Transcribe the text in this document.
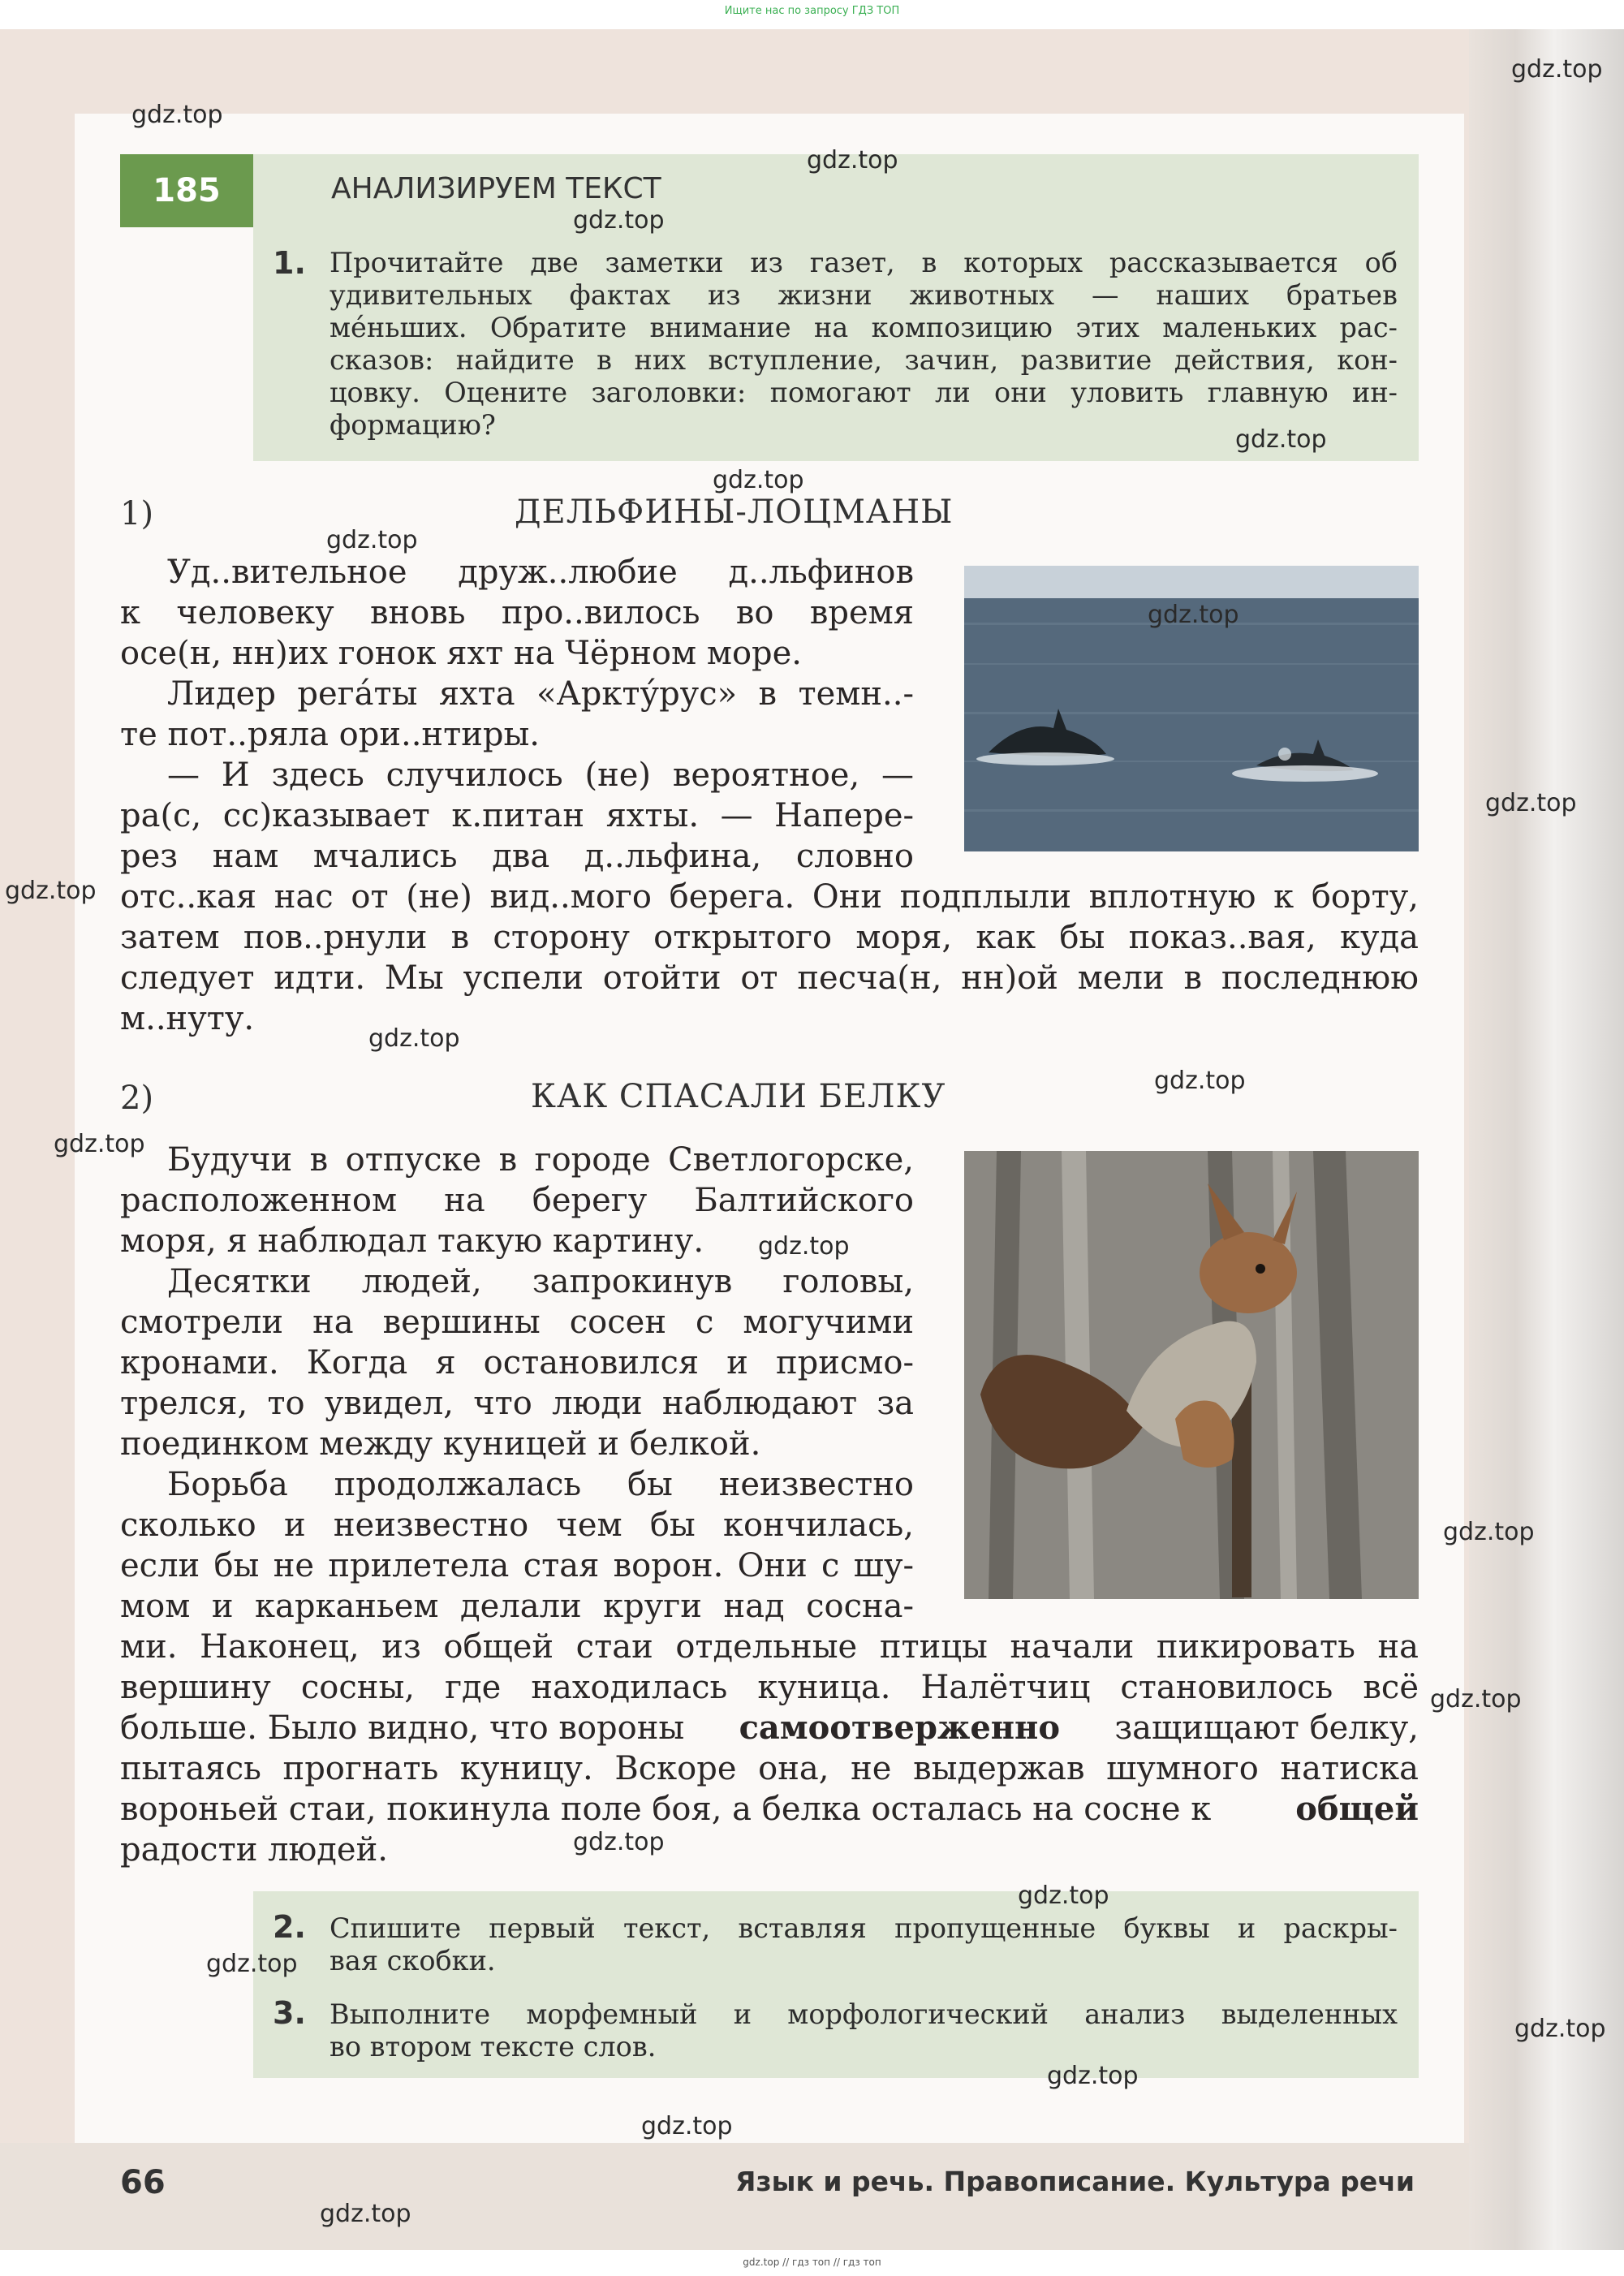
Ищите нас по запросу ГДЗ ТОП
185	АНАЛИЗИРУЕМ ТЕКСТ
1. Прочитайте две заметки из газет, в которых рассказывается об
удивительных фактах из жизни животных — наших братьев
ме́ньших. Обратите внимание на композицию этих маленьких рас-
сказов: найдите в них вступление, зачин, развитие действия, кон-
цовку. Оцените заголовки: помогают ли они уловить главную ин-
формацию?
1)	ДЕЛЬФИНЫ-ЛОЦМАНЫ
Уд..вительное друж..любие д..льфинов
к человеку вновь про..вилось во время
осе(н, нн)их гонок яхт на Чёрном море.
Лидер рега́ты яхта «Аркту́рус» в темн..-
те пот..ряла ори..нтиры.
— И здесь случилось (не) вероятное, —
ра(с, сс)казывает к.питан яхты. — Напере-
рез нам мчались два д..льфина, словно
отс..кая нас от (не) вид..мого берега. Они подплыли вплотную к борту,
затем пов..рнули в сторону открытого моря, как бы показ..вая, куда
следует идти. Мы успели отойти от песча(н, нн)ой мели в последнюю
м..нуту.
2)	КАК СПАСАЛИ БЕЛКУ
Будучи в отпуске в городе Светлогорске,
расположенном на берегу Балтийского
моря, я наблюдал такую картину.
Десятки людей, запрокинув головы,
смотрели на вершины сосен с могучими
кронами. Когда я остановился и присмо-
трелся, то увидел, что люди наблюдают за
поединком между куницей и белкой.
Борьба продолжалась бы неизвестно
сколько и неизвестно чем бы кончилась,
если бы не прилетела стая ворон. Они с шу-
мом и карканьем делали круги над сосна-
ми. Наконец, из общей стаи отдельные птицы начали пикировать на
вершину сосны, где находилась куница. Налётчиц становилось всё
больше. Было видно, что вороны самоотверженно защищают белку,
пытаясь прогнать куницу. Вскоре она, не выдержав шумного натиска
вороньей стаи, покинула поле боя, а белка осталась на сосне к	общей
радости людей.
2. Спишите первый текст, вставляя пропущенные буквы и раскры-
вая скобки.
3. Выполните морфемный и морфологический анализ выделенных
во втором тексте слов.
66	Язык и речь. Правописание. Культура речи
gdz.top // гдз топ // гдз топ
gdz.top
gdz.top
gdz.top
gdz.top
gdz.top
gdz.top
gdz.top
gdz.top
gdz.top
gdz.top
gdz.top
gdz.top
gdz.top
gdz.top
gdz.top
gdz.top
gdz.top
gdz.top
gdz.top
gdz.top
gdz.top
gdz.top
gdz.top
